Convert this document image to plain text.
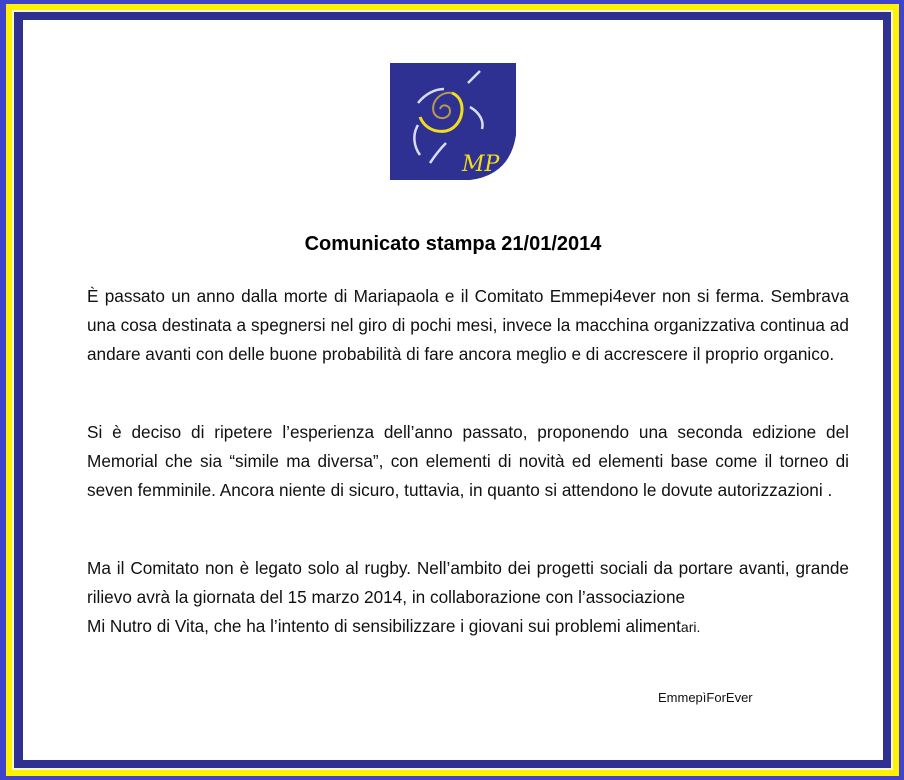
MP
Comunicato stampa 21/01/2014

È passato un anno dalla morte di Mariapaola e il Comitato Emmepi4ever non si ferma. Sembrava una cosa destinata a spegnersi nel giro di pochi mesi, invece la macchina organizzativa continua ad andare avanti con delle buone probabilità di fare ancora meglio e di accrescere il proprio organico.

Si è deciso di ripetere l’esperienza dell’anno passato, proponendo una seconda edizione del Memorial che sia “simile ma diversa”, con elementi di novità ed elementi base come il torneo di seven femminile. Ancora niente di sicuro, tuttavia, in quanto si attendono le dovute autorizzazioni .

Ma il Comitato non è legato solo al rugby. Nell’ambito dei progetti sociali da portare avanti, grande rilievo avrà la giornata del 15 marzo 2014, in collaborazione con l’associazione

Mi Nutro di Vita, che ha l’intento di sensibilizzare i giovani sui problemi alimentari.

EmmepìForEver
